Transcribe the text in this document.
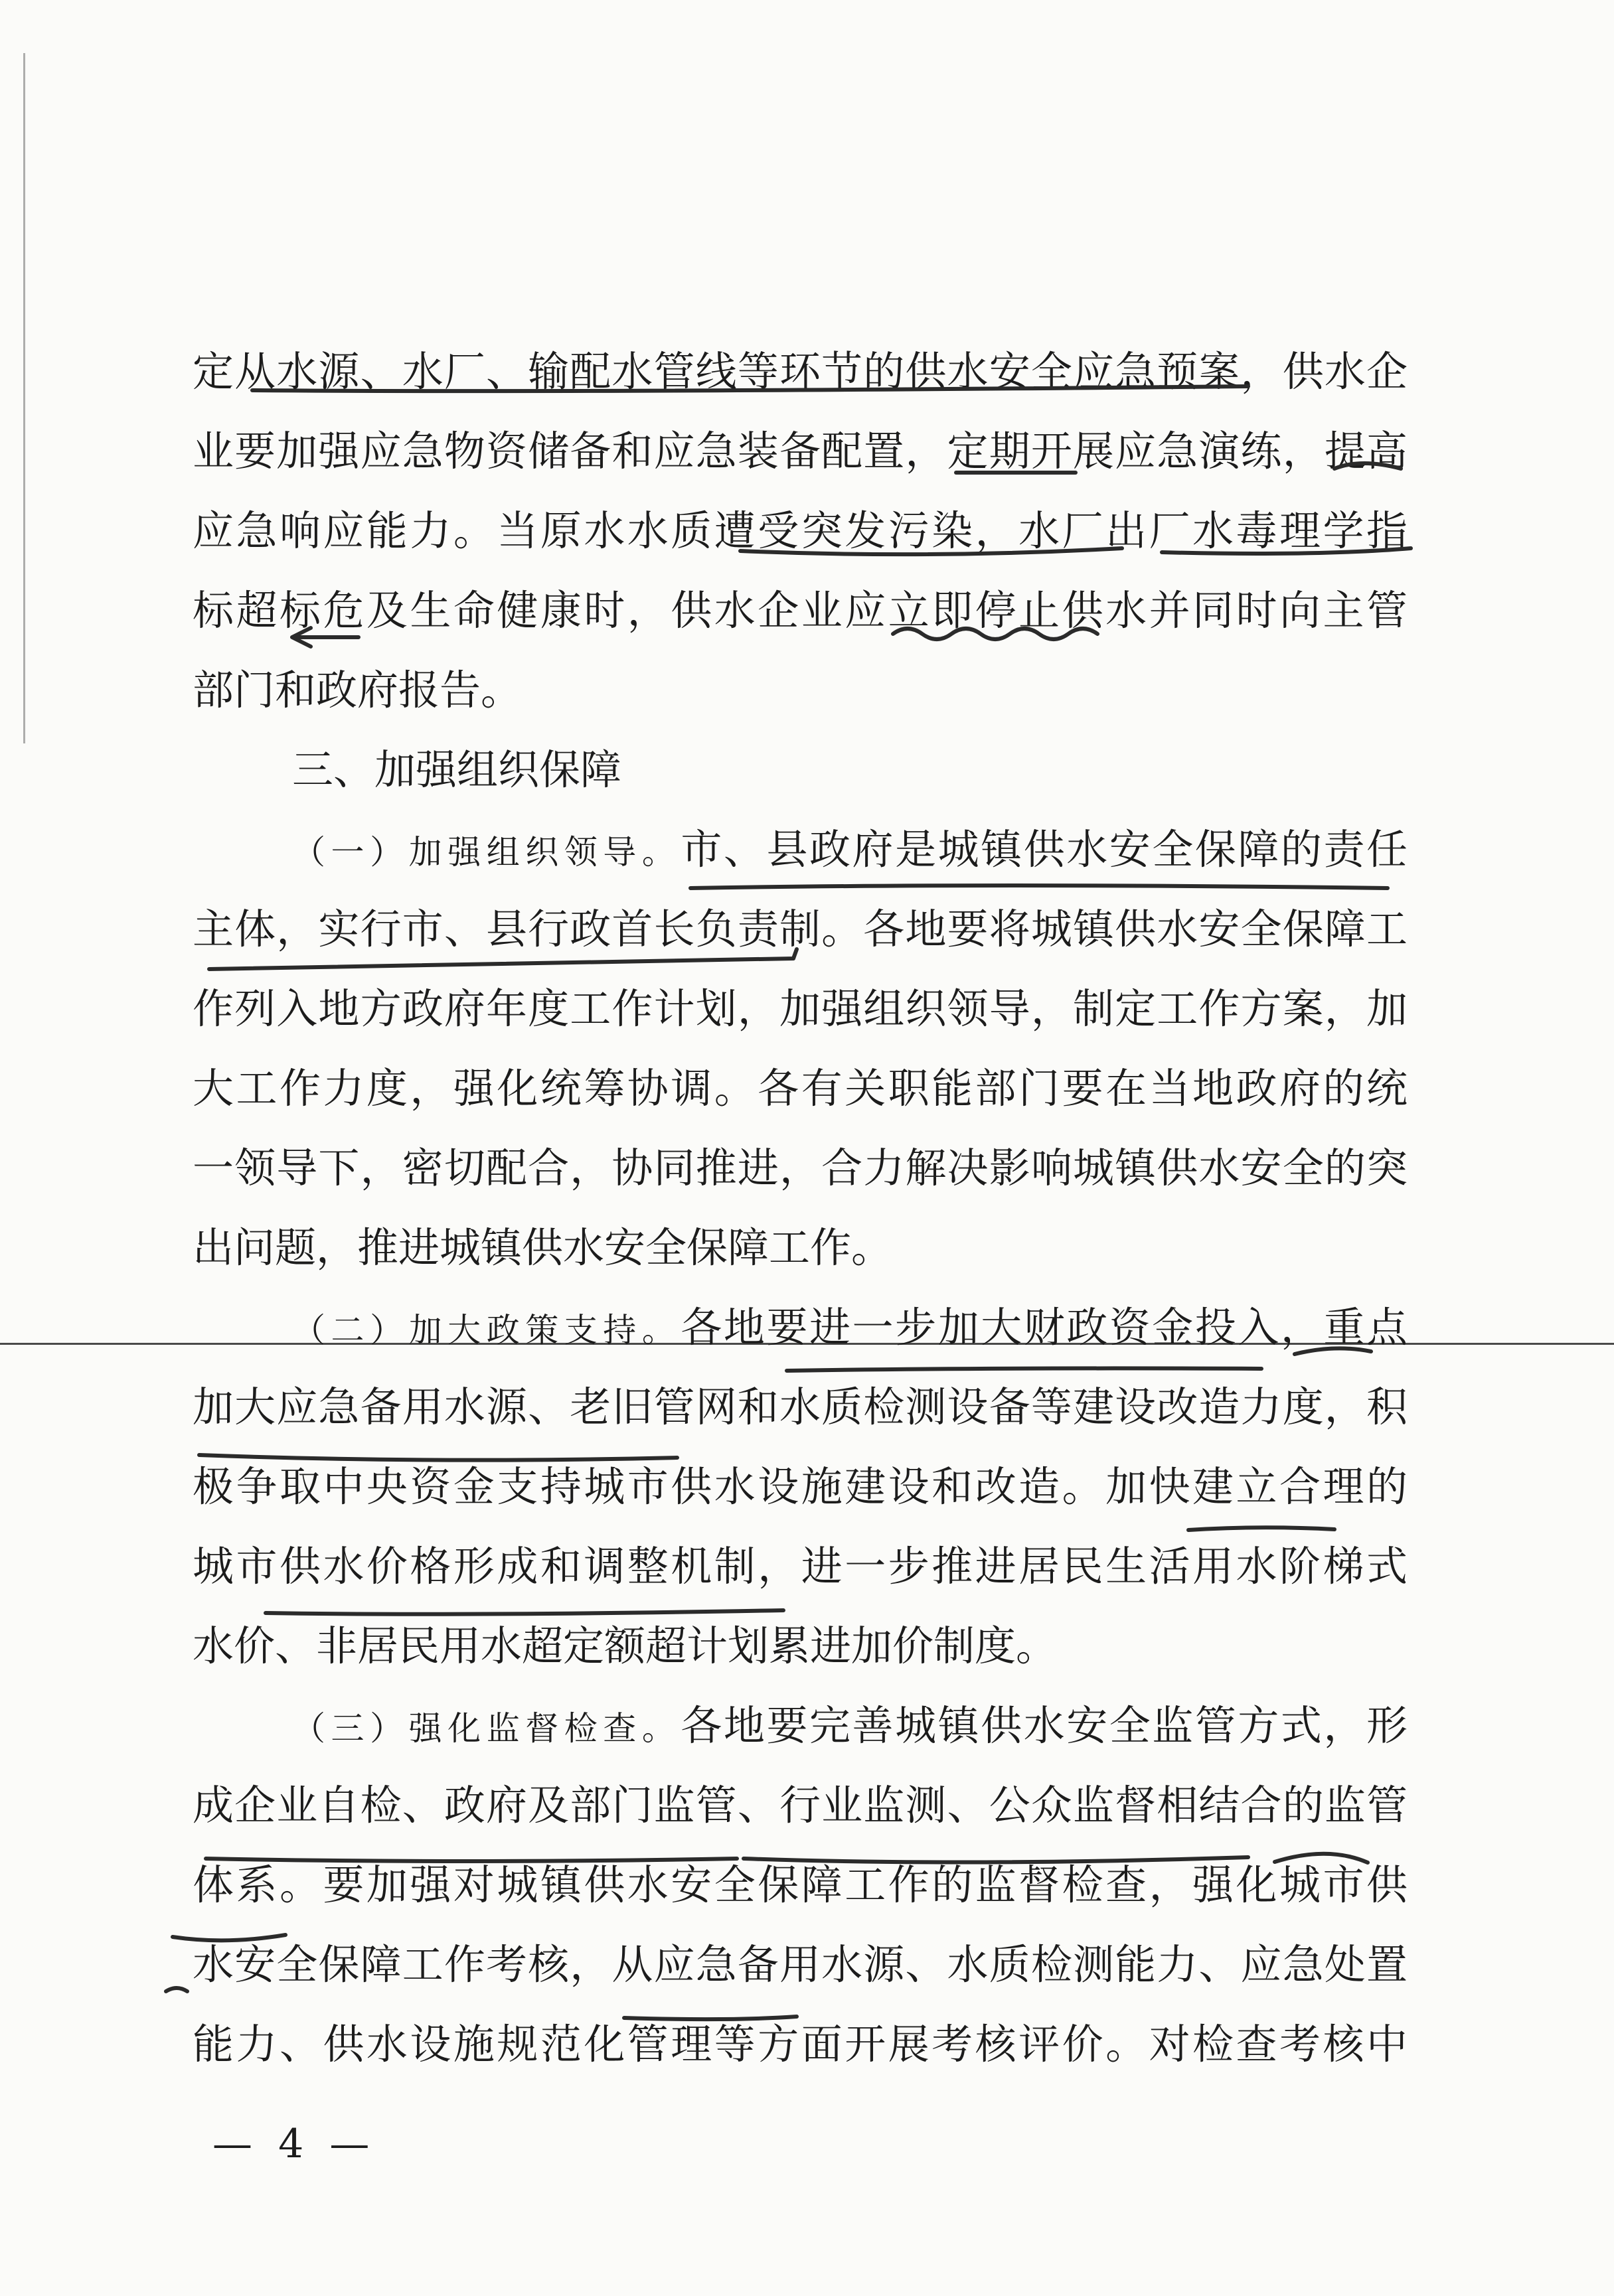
定从水源、水厂、输配水管线等环节的供水安全应急预案，供水企
业要加强应急物资储备和应急装备配置，定期开展应急演练，提高
应急响应能力。当原水水质遭受突发污染，水厂出厂水毒理学指
标超标危及生命健康时，供水企业应立即停止供水并同时向主管
部门和政府报告。
三、加强组织保障
（一）加强组织领导。市、县政府是城镇供水安全保障的责任
主体，实行市、县行政首长负责制。各地要将城镇供水安全保障工
作列入地方政府年度工作计划，加强组织领导，制定工作方案，加
大工作力度，强化统筹协调。各有关职能部门要在当地政府的统
一领导下，密切配合，协同推进，合力解决影响城镇供水安全的突
出问题，推进城镇供水安全保障工作。
（二）加大政策支持。各地要进一步加大财政资金投入，重点
加大应急备用水源、老旧管网和水质检测设备等建设改造力度，积
极争取中央资金支持城市供水设施建设和改造。加快建立合理的
城市供水价格形成和调整机制，进一步推进居民生活用水阶梯式
水价、非居民用水超定额超计划累进加价制度。
（三）强化监督检查。各地要完善城镇供水安全监管方式，形
成企业自检、政府及部门监管、行业监测、公众监督相结合的监管
体系。要加强对城镇供水安全保障工作的监督检查，强化城市供
水安全保障工作考核，从应急备用水源、水质检测能力、应急处置
能力、供水设施规范化管理等方面开展考核评价。对检查考核中
— 4 —
